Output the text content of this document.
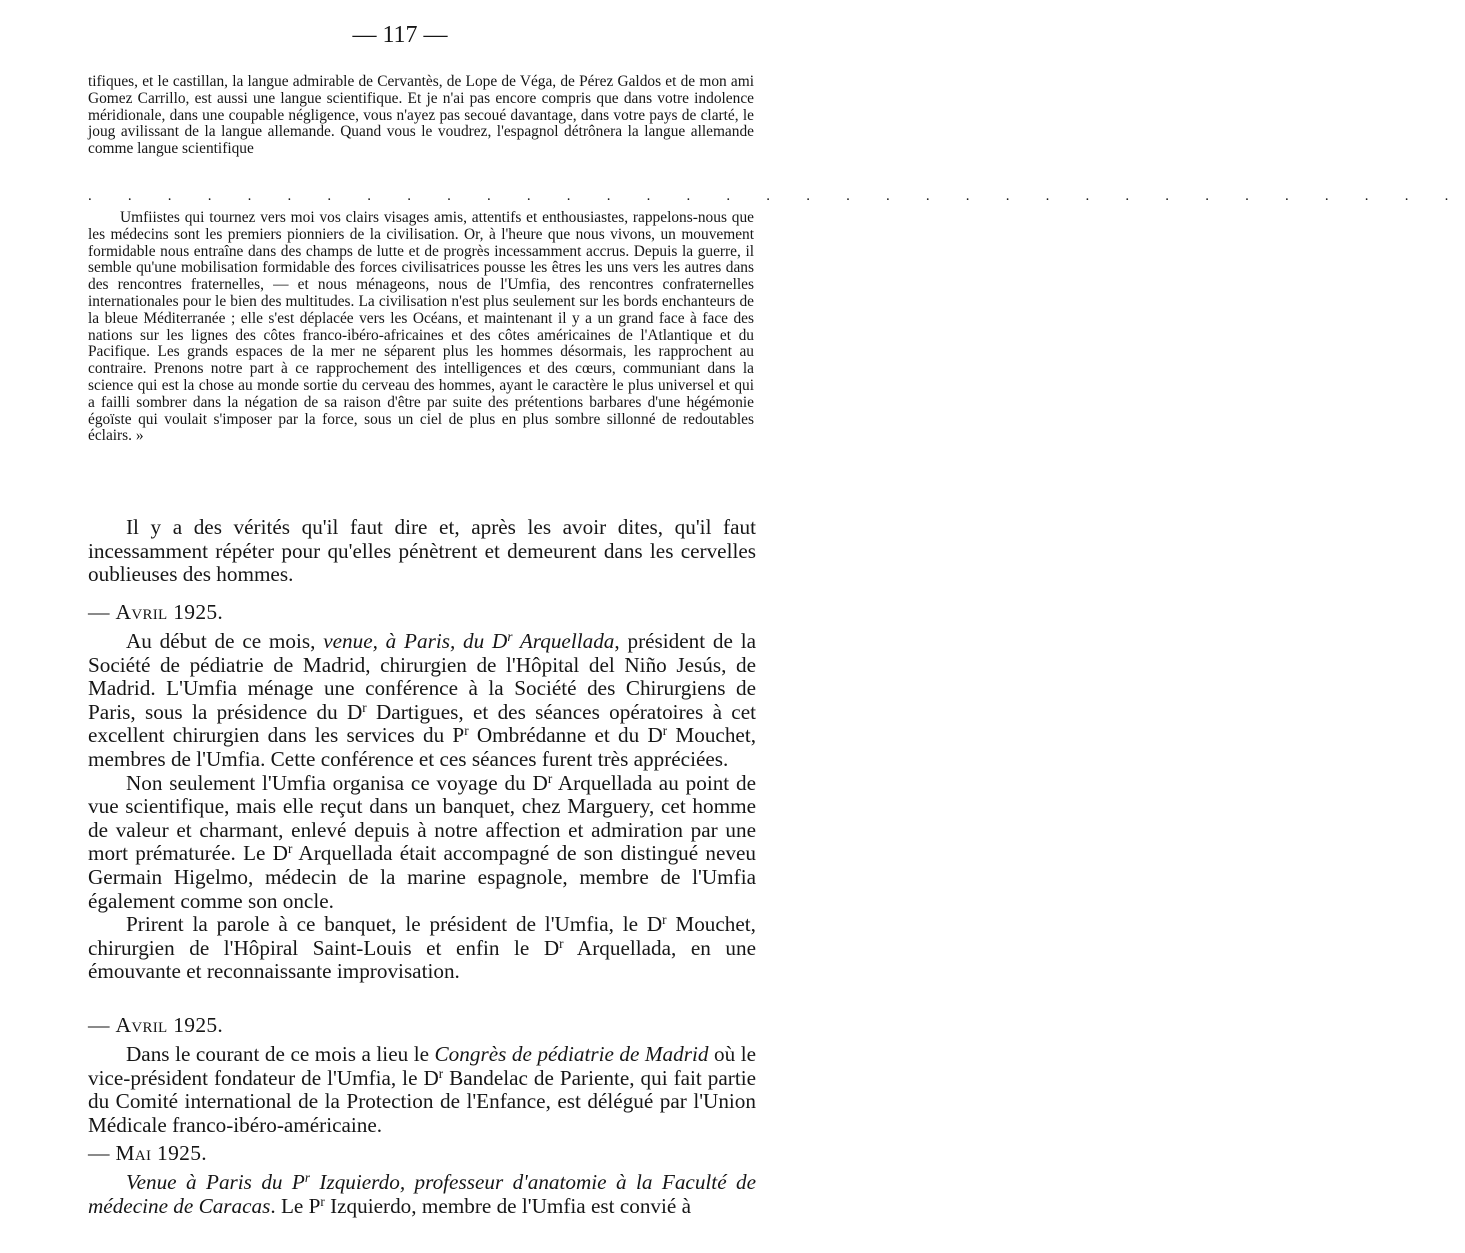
— 117 —

tifiques, et le castillan, la langue admirable de Cervantès, de Lope de Véga, de Pérez Galdos et de mon ami Gomez Carrillo, est aussi une langue scientifique. Et je n'ai pas encore compris que dans votre indolence méridionale, dans une coupable négligence, vous n'ayez pas secoué davantage, dans votre pays de clarté, le joug avilissant de la langue allemande. Quand vous le voudrez, l'espagnol détrônera la langue allemande comme langue scientifique

. . . . . . . . . . . . . . . . . . . . . . . . . . . . . . . . . . .

Umfiistes qui tournez vers moi vos clairs visages amis, attentifs et enthousiastes, rappelons-nous que les médecins sont les premiers pionniers de la civilisation. Or, à l'heure que nous vivons, un mouvement formidable nous entraîne dans des champs de lutte et de progrès incessamment accrus. Depuis la guerre, il semble qu'une mobilisation formidable des forces civilisatrices pousse les êtres les uns vers les autres dans des rencontres fraternelles, — et nous ménageons, nous de l'Umfia, des rencontres confraternelles internationales pour le bien des multitudes. La civilisation n'est plus seulement sur les bords enchanteurs de la bleue Méditerranée ; elle s'est déplacée vers les Océans, et maintenant il y a un grand face à face des nations sur les lignes des côtes franco-ibéro-africaines et des côtes américaines de l'Atlantique et du Pacifique. Les grands espaces de la mer ne séparent plus les hommes désormais, les rapprochent au contraire. Prenons notre part à ce rapprochement des intelligences et des cœurs, communiant dans la science qui est la chose au monde sortie du cerveau des hommes, ayant le caractère le plus universel et qui a failli sombrer dans la négation de sa raison d'être par suite des prétentions barbares d'une hégémonie égoïste qui voulait s'imposer par la force, sous un ciel de plus en plus sombre sillonné de redoutables éclairs. »

Il y a des vérités qu'il faut dire et, après les avoir dites, qu'il faut incessamment répéter pour qu'elles pénètrent et demeurent dans les cervelles oublieuses des hommes.

— Avril 1925.

Au début de ce mois, venue, à Paris, du $D^r$ Arquellada, président de la Société de pédiatrie de Madrid, chirurgien de l'Hôpital del Niño Jesús, de Madrid. L'Umfia ménage une conférence à la Société des Chirurgiens de Paris, sous la présidence du $D^r$ Dartigues, et des séances opératoires à cet excellent chirurgien dans les services du $P^r$ Ombrédanne et du $D^r$ Mouchet, membres de l'Umfia. Cette conférence et ces séances furent très appréciées.

Non seulement l'Umfia organisa ce voyage du $D^r$ Arquellada au point de vue scientifique, mais elle reçut dans un banquet, chez Marguery, cet homme de valeur et charmant, enlevé depuis à notre affection et admiration par une mort prématurée. Le $D^r$ Arquellada était accompagné de son distingué neveu Germain Higelmo, médecin de la marine espagnole, membre de l'Umfia également comme son oncle.

Prirent la parole à ce banquet, le président de l'Umfia, le $D^r$ Mouchet, chirurgien de l'Hôpiral Saint-Louis et enfin le $D^r$ Arquellada, en une émouvante et reconnaissante improvisation.

— Avril 1925.

Dans le courant de ce mois a lieu le Congrès de pédiatrie de Madrid où le vice-président fondateur de l'Umfia, le $D^r$ Bandelac de Pariente, qui fait partie du Comité international de la Protection de l'Enfance, est délégué par l'Union Médicale franco-ibéro-américaine.

— Mai 1925.

Venue à Paris du $P^r$ Izquierdo, professeur d'anatomie à la Faculté de médecine de Caracas. Le $P^r$ Izquierdo, membre de l'Umfia est convié à
